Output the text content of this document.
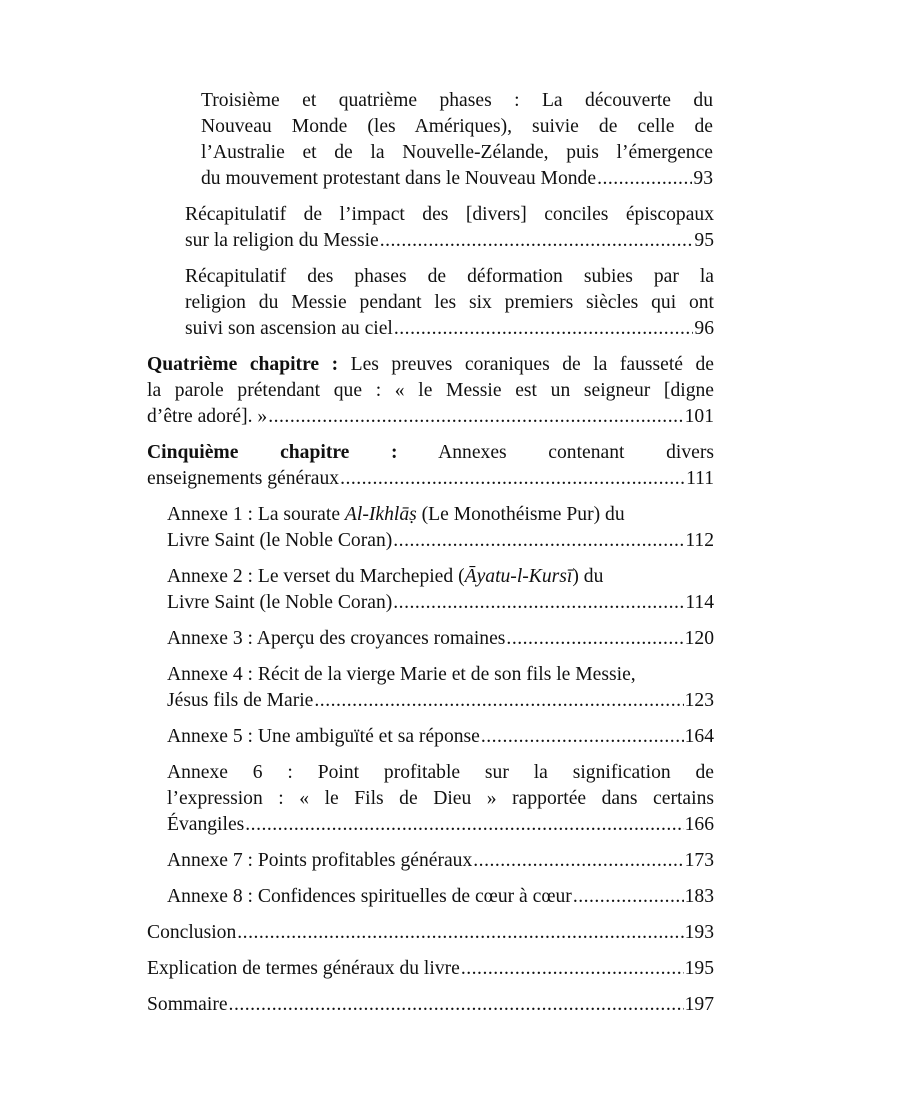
Troisième et quatrième phases : La découverte du
Nouveau Monde (les Amériques), suivie de celle de
l’Australie et de la Nouvelle-Zélande, puis l’émergence
du mouvement protestant dans le Nouveau Monde .....	93
Récapitulatif de l’impact des [divers] conciles épiscopaux
sur la religion du Messie .....	95
Récapitulatif des phases de déformation subies par la
religion du Messie pendant les six premiers siècles qui ont
suivi son ascension au ciel .....	96
Quatrième chapitre : Les preuves coraniques de la fausseté de
la parole prétendant que : « le Messie est un seigneur [digne
d’être adoré]. » .....	101
Cinquième chapitre : Annexes contenant divers
enseignements généraux .....	111
Annexe 1 : La sourate Al-Ikhlāṣ (Le Monothéisme Pur) du
Livre Saint (le Noble Coran) .....	112
Annexe 2 : Le verset du Marchepied (Āyatu-l-Kursī) du
Livre Saint (le Noble Coran) .....	114
Annexe 3 : Aperçu des croyances romaines .....	120
Annexe 4 : Récit de la vierge Marie et de son fils le Messie,
Jésus fils de Marie .....	123
Annexe 5 : Une ambiguïté et sa réponse .....	164
Annexe 6 : Point profitable sur la signification de
l’expression : « le Fils de Dieu » rapportée dans certains
Évangiles .....	166
Annexe 7 : Points profitables généraux .....	173
Annexe 8 : Confidences spirituelles de cœur à cœur .....	183
Conclusion .....	193
Explication de termes généraux du livre .....	195
Sommaire .....	197
